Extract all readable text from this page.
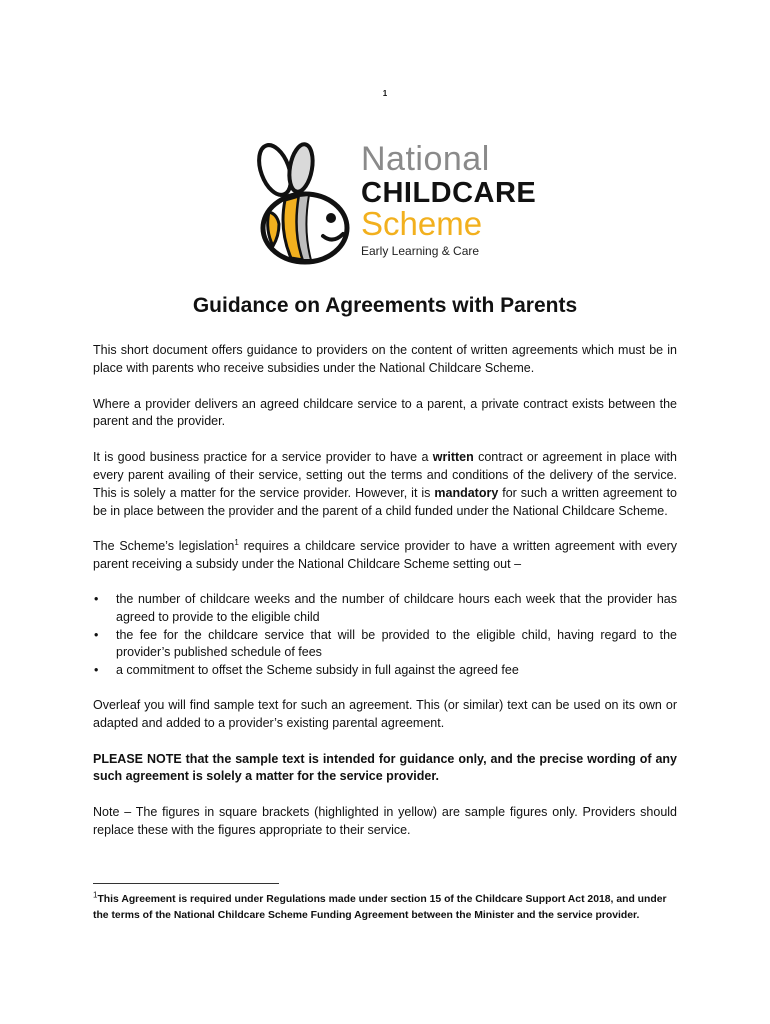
1
National
CHILDCARE
Scheme
Early Learning & Care
Guidance on Agreements with Parents

This short document offers guidance to providers on the content of written agreements which must be in place with parents who receive subsidies under the National Childcare Scheme.

Where a provider delivers an agreed childcare service to a parent, a private contract exists between the parent and the provider.

It is good business practice for a service provider to have a written contract or agreement in place with every parent availing of their service, setting out the terms and conditions of the delivery of the service. This is solely a matter for the service provider. However, it is mandatory for such a written agreement to be in place between the provider and the parent of a child funded under the National Childcare Scheme.

The Scheme’s legislation$^1$ requires a childcare service provider to have a written agreement with every parent receiving a subsidy under the National Childcare Scheme setting out –

• the number of childcare weeks and the number of childcare hours each week that the provider has agreed to provide to the eligible child
• the fee for the childcare service that will be provided to the eligible child, having regard to the provider’s published schedule of fees
• a commitment to offset the Scheme subsidy in full against the agreed fee

Overleaf you will find sample text for such an agreement. This (or similar) text can be used on its own or adapted and added to a provider’s existing parental agreement.

PLEASE NOTE that the sample text is intended for guidance only, and the precise wording of any such agreement is solely a matter for the service provider.

Note – The figures in square brackets (highlighted in yellow) are sample figures only. Providers should replace these with the figures appropriate to their service.

$^1$This Agreement is required under Regulations made under section 15 of the Childcare Support Act 2018, and under the terms of the National Childcare Scheme Funding Agreement between the Minister and the service provider.
